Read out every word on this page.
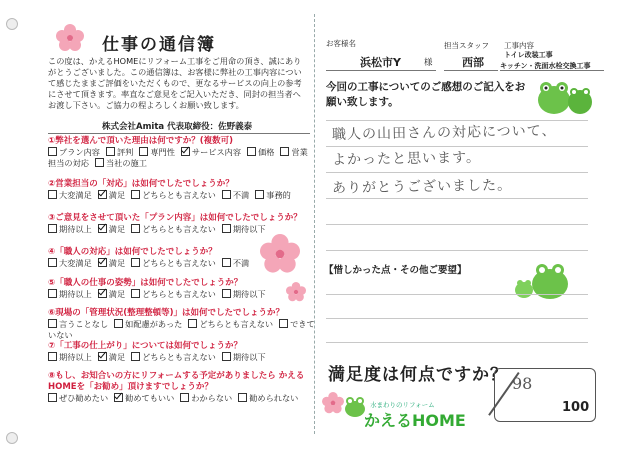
仕事の通信簿
この度は、かえるHOMEにリフォーム工事をご用命の頂き、誠にありがとうございました。この通信簿は、お客様に弊社の工事内容について感じたままご評価をいただくもので、更なるサービスの向上の参考にさせて頂きます。率直なご意見をご記入いただき、同封の担当者へお渡し下さい。ご協力の程よろしくお願い致します。
株式会社Amita 代表取締役：佐野義泰
①弊社を選んで頂いた理由は何ですか？(複数可)
プラン内容 評判 専門性 サービス内容 価格 営業担当の対応 当社の施工
②営業担当の「対応」は如何でしたでしょうか？
大変満足 満足 どちらとも言えない 不満 事務的
③ご意見をさせて頂いた「プラン内容」は如何でしたでしょうか？
期待以上 満足 どちらとも言えない 期待以下
④「職人の対応」は如何でしたでしょうか？
大変満足 満足 どちらとも言えない 不満
⑤「職人の仕事の姿勢」は如何でしたでしょうか？
期待以上 満足 どちらとも言えない 期待以下
⑥現場の「管理状況(整理整頓等)」は如何でしたでしょうか？
言うことなし 如配慮があった どちらとも言えない できていない
⑦「工事の仕上がり」については如何でしょうか？
期待以上 満足 どちらとも言えない 期待以下
⑧もし、お知合いの方にリフォームする予定がありましたら かえるHOMEを「お勧め」頂けますでしょうか？
ぜひ勧めたい 勧めてもいい わからない 勧められない
お客様名
浜松市Y	様
担当スタッフ
西部
工事内容
トイレ改装工事
キッチン・洗面水栓交換工事
今回の工事についてのご感想のご記入をお願い致します。
職人の山田さんの対応について、
よかったと思います。
ありがとうございました。
【惜しかった点・その他ご要望】
満足度は何点ですか？ 98
100
水まわりのリフォーム
かえるHOME
